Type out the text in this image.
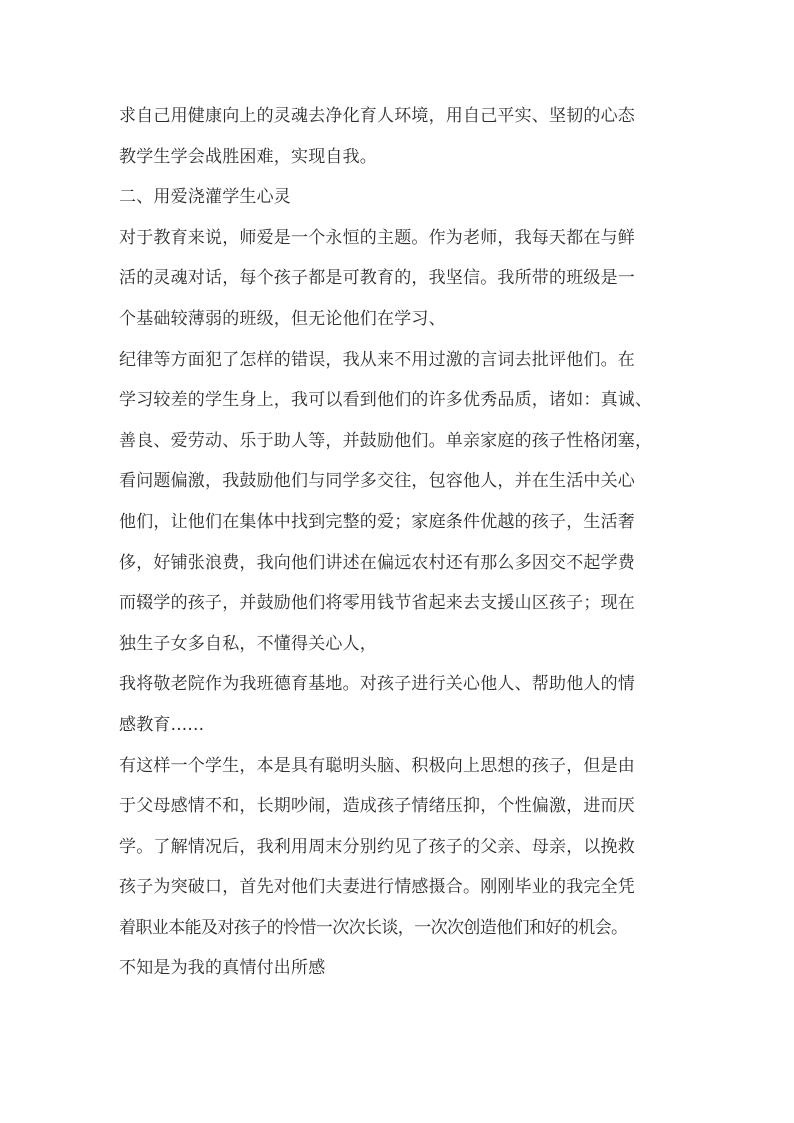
求自己用健康向上的灵魂去净化育人环境，用自己平实、坚韧的心态
教学生学会战胜困难，实现自我。
二、用爱浇灌学生心灵
对于教育来说，师爱是一个永恒的主题。作为老师，我每天都在与鲜
活的灵魂对话，每个孩子都是可教育的，我坚信。我所带的班级是一
个基础较薄弱的班级，但无论他们在学习、
纪律等方面犯了怎样的错误，我从来不用过激的言词去批评他们。在
学习较差的学生身上，我可以看到他们的许多优秀品质，诸如：真诚、
善良、爱劳动、乐于助人等，并鼓励他们。单亲家庭的孩子性格闭塞，
看问题偏激，我鼓励他们与同学多交往，包容他人，并在生活中关心
他们，让他们在集体中找到完整的爱；家庭条件优越的孩子，生活奢
侈，好铺张浪费，我向他们讲述在偏远农村还有那么多因交不起学费
而辍学的孩子，并鼓励他们将零用钱节省起来去支援山区孩子；现在
独生子女多自私，不懂得关心人，
我将敬老院作为我班德育基地。对孩子进行关心他人、帮助他人的情
感教育......
有这样一个学生，本是具有聪明头脑、积极向上思想的孩子，但是由
于父母感情不和，长期吵闹，造成孩子情绪压抑，个性偏激，进而厌
学。了解情况后，我利用周末分别约见了孩子的父亲、母亲，以挽救
孩子为突破口，首先对他们夫妻进行情感摄合。刚刚毕业的我完全凭
着职业本能及对孩子的怜惜一次次长谈，一次次创造他们和好的机会。
不知是为我的真情付出所感
